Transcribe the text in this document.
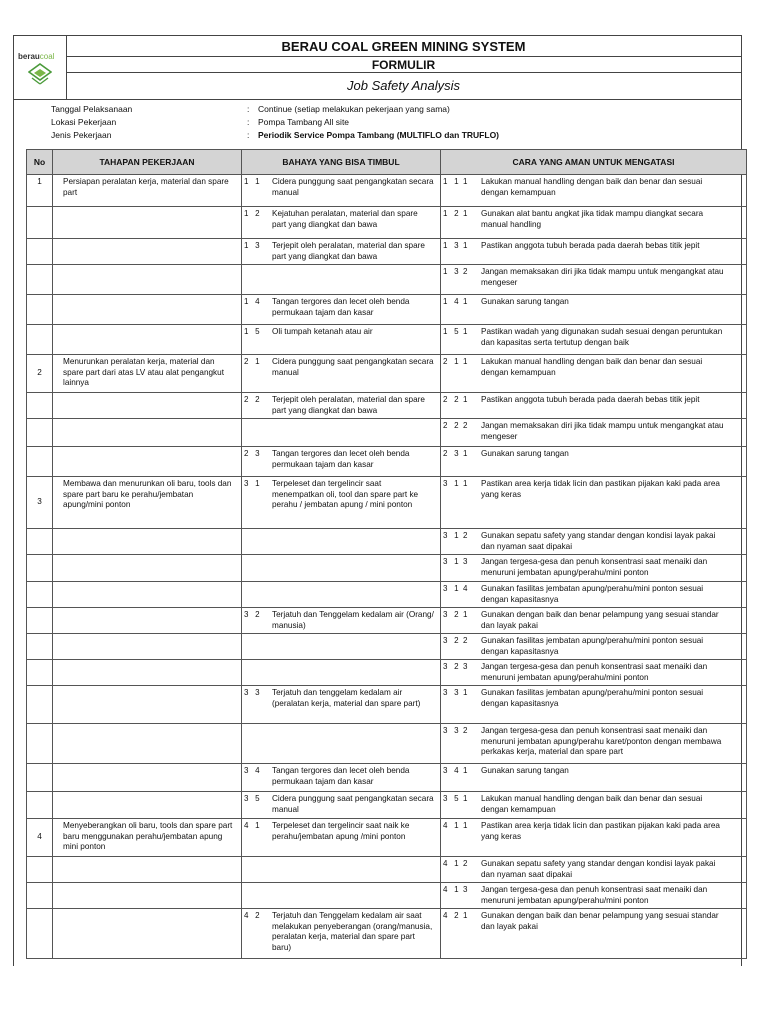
beraucoal
BERAU COAL GREEN MINING SYSTEM
FORMULIR
Job Safety Analysis
Tanggal Pelaksanaan	: Continue (setiap melakukan pekerjaan yang sama)
Lokasi Pekerjaan	: Pompa Tambang All site
Jenis Pekerjaan	: Periodik Service Pompa Tambang (MULTIFLO dan TRUFLO)
No	TAHAPAN PEKERJAAN	BAHAYA YANG BISA TIMBUL	CARA YANG AMAN UNTUK MENGATASI
1	Persiapan peralatan kerja, material dan spare part	1   1 Cidera punggung saat pengangkatan secara manual	1   1  1 Lakukan manual handling dengan baik dan benar dan sesuai dengan kemampuan

	1   2 Kejatuhan peralatan, material dan spare part yang diangkat dan bawa	1   2  1 Gunakan alat bantu angkat jika tidak mampu diangkat secara manual handling

	1   3 Terjepit oleh peralatan, material dan spare part yang diangkat dan bawa	1   3  1 Pastikan anggota tubuh berada pada daerah bebas titik jepit

		1   3  2 Jangan memaksakan diri jika tidak mampu untuk mengangkat atau mengeser

	1   4 Tangan tergores dan lecet oleh benda permukaan tajam dan kasar	1   4  1 Gunakan sarung tangan

	1   5 Oli tumpah ketanah atau air	1   5  1 Pastikan wadah yang digunakan sudah sesuai dengan peruntukan dan kapasitas serta tertutup dengan baik
2	Menurunkan peralatan kerja, material dan spare part dari atas LV atau alat pengangkut lainnya	2   1 Cidera punggung saat pengangkatan secara manual	2   1  1 Lakukan manual handling dengan baik dan benar dan sesuai dengan kemampuan

	2   2 Terjepit oleh peralatan, material dan spare part yang diangkat dan bawa	2   2  1 Pastikan anggota tubuh berada pada daerah bebas titik jepit

		2   2  2 Jangan memaksakan diri jika tidak mampu untuk mengangkat atau mengeser

	2   3 Tangan tergores dan lecet oleh benda permukaan tajam dan kasar	2   3  1 Gunakan sarung tangan
3	Membawa dan menurunkan oli baru, tools dan spare part baru ke perahu/jembatan apung/mini ponton	3   1 Terpeleset dan tergelincir saat menempatkan oli, tool dan spare part ke perahu / jembatan apung / mini ponton	3   1  1 Pastikan area kerja tidak licin dan pastikan pijakan kaki pada area yang keras

		3   1  2 Gunakan sepatu safety yang standar dengan kondisi layak pakai dan nyaman saat dipakai

		3   1  3 Jangan tergesa-gesa dan penuh konsentrasi saat menaiki dan menuruni jembatan apung/perahu/mini ponton

		3   1  4 Gunakan fasilitas jembatan apung/perahu/mini ponton sesuai dengan kapasitasnya

	3   2 Terjatuh dan Tenggelam kedalam air (Orang/ manusia)	3   2  1 Gunakan dengan baik dan benar pelampung yang sesuai standar dan layak pakai

		3   2  2 Gunakan fasilitas jembatan apung/perahu/mini ponton sesuai dengan kapasitasnya

		3   2  3 Jangan tergesa-gesa dan penuh konsentrasi saat menaiki dan menuruni jembatan apung/perahu/mini ponton

	3   3 Terjatuh dan tenggelam kedalam air (peralatan kerja, material dan spare part)	3   3  1 Gunakan fasilitas jembatan apung/perahu/mini ponton sesuai dengan kapasitasnya

		3   3  2 Jangan tergesa-gesa dan penuh konsentrasi saat menaiki dan menuruni jembatan apung/perahu karet/ponton dengan membawa perkakas kerja, material dan spare part

	3   4 Tangan tergores dan lecet oleh benda permukaan tajam dan kasar	3   4  1 Gunakan sarung tangan

	3   5 Cidera punggung saat pengangkatan secara manual	3   5  1 Lakukan manual handling dengan baik dan benar dan sesuai dengan kemampuan
4	Menyeberangkan oli baru, tools dan spare part baru menggunakan perahu/jembatan apung mini ponton	4   1 Terpeleset dan tergelincir saat naik ke perahu/jembatan apung /mini ponton	4   1  1 Pastikan area kerja tidak licin dan pastikan pijakan kaki pada area yang keras

		4   1  2 Gunakan sepatu safety yang standar dengan kondisi layak pakai dan nyaman saat dipakai

		4   1  3 Jangan tergesa-gesa dan penuh konsentrasi saat menaiki dan menuruni jembatan apung/perahu/mini ponton

	4   2 Terjatuh dan Tenggelam kedalam air saat melakukan penyeberangan (orang/manusia, peralatan kerja, material dan spare part baru)	4   2  1 Gunakan dengan baik dan benar pelampung yang sesuai standar dan layak pakai
